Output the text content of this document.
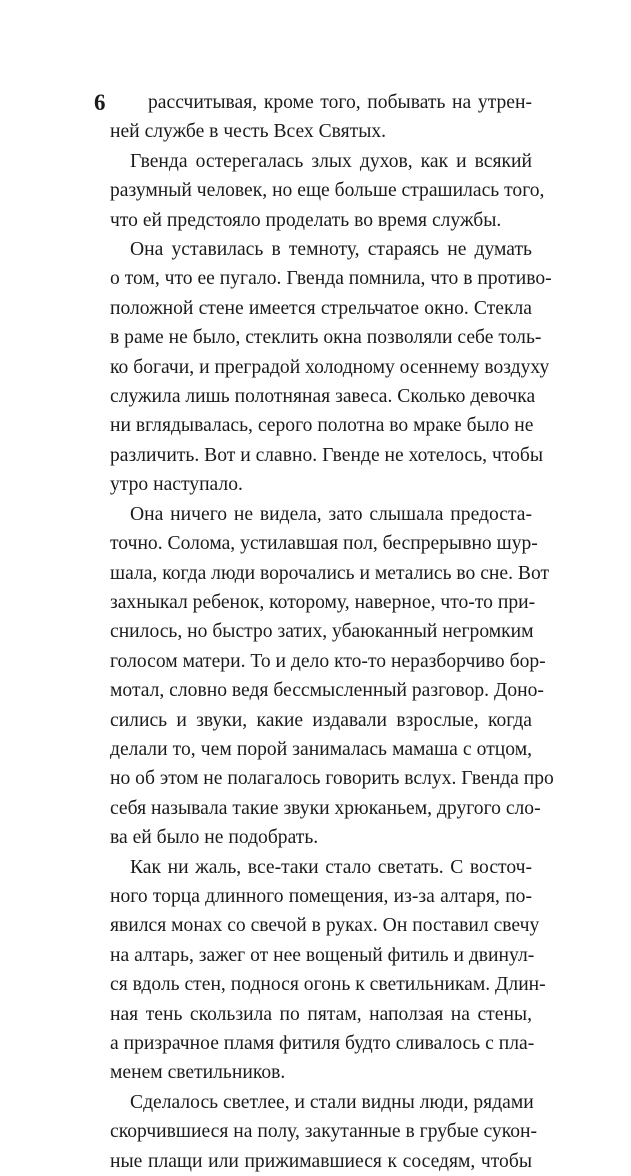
6	рассчитывая, кроме того, побывать на утрен-
ней службе в честь Всех Святых.
Гвенда остерегалась злых духов, как и всякий
разумный человек, но еще больше страшилась того,
что ей предстояло проделать во время службы.
Она уставилась в темноту, стараясь не думать
о том, что ее пугало. Гвенда помнила, что в противо-
положной стене имеется стрельчатое окно. Стекла
в раме не было, стеклить окна позволяли себе толь-
ко богачи, и преградой холодному осеннему воздуху
служила лишь полотняная завеса. Сколько девочка
ни вглядывалась, серого полотна во мраке было не
различить. Вот и славно. Гвенде не хотелось, чтобы
утро наступало.
Она ничего не видела, зато слышала предоста-
точно. Солома, устилавшая пол, беспрерывно шур-
шала, когда люди ворочались и метались во сне. Вот
захныкал ребенок, которому, наверное, что-то при-
снилось, но быстро затих, убаюканный негромким
голосом матери. То и дело кто-то неразборчиво бор-
мотал, словно ведя бессмысленный разговор. Доно-
сились и звуки, какие издавали взрослые, когда
делали то, чем порой занималась мамаша с отцом,
но об этом не полагалось говорить вслух. Гвенда про
себя называла такие звуки хрюканьем, другого сло-
ва ей было не подобрать.
Как ни жаль, все-таки стало светать. С восточ-
ного торца длинного помещения, из-за алтаря, по-
явился монах со свечой в руках. Он поставил свечу
на алтарь, зажег от нее вощеный фитиль и двинул-
ся вдоль стен, поднося огонь к светильникам. Длин-
ная тень скользила по пятам, наползая на стены,
а призрачное пламя фитиля будто сливалось с пла-
менем светильников.
Сделалось светлее, и стали видны люди, рядами
скорчившиеся на полу, закутанные в грубые сукон-
ные плащи или прижимавшиеся к соседям, чтобы
